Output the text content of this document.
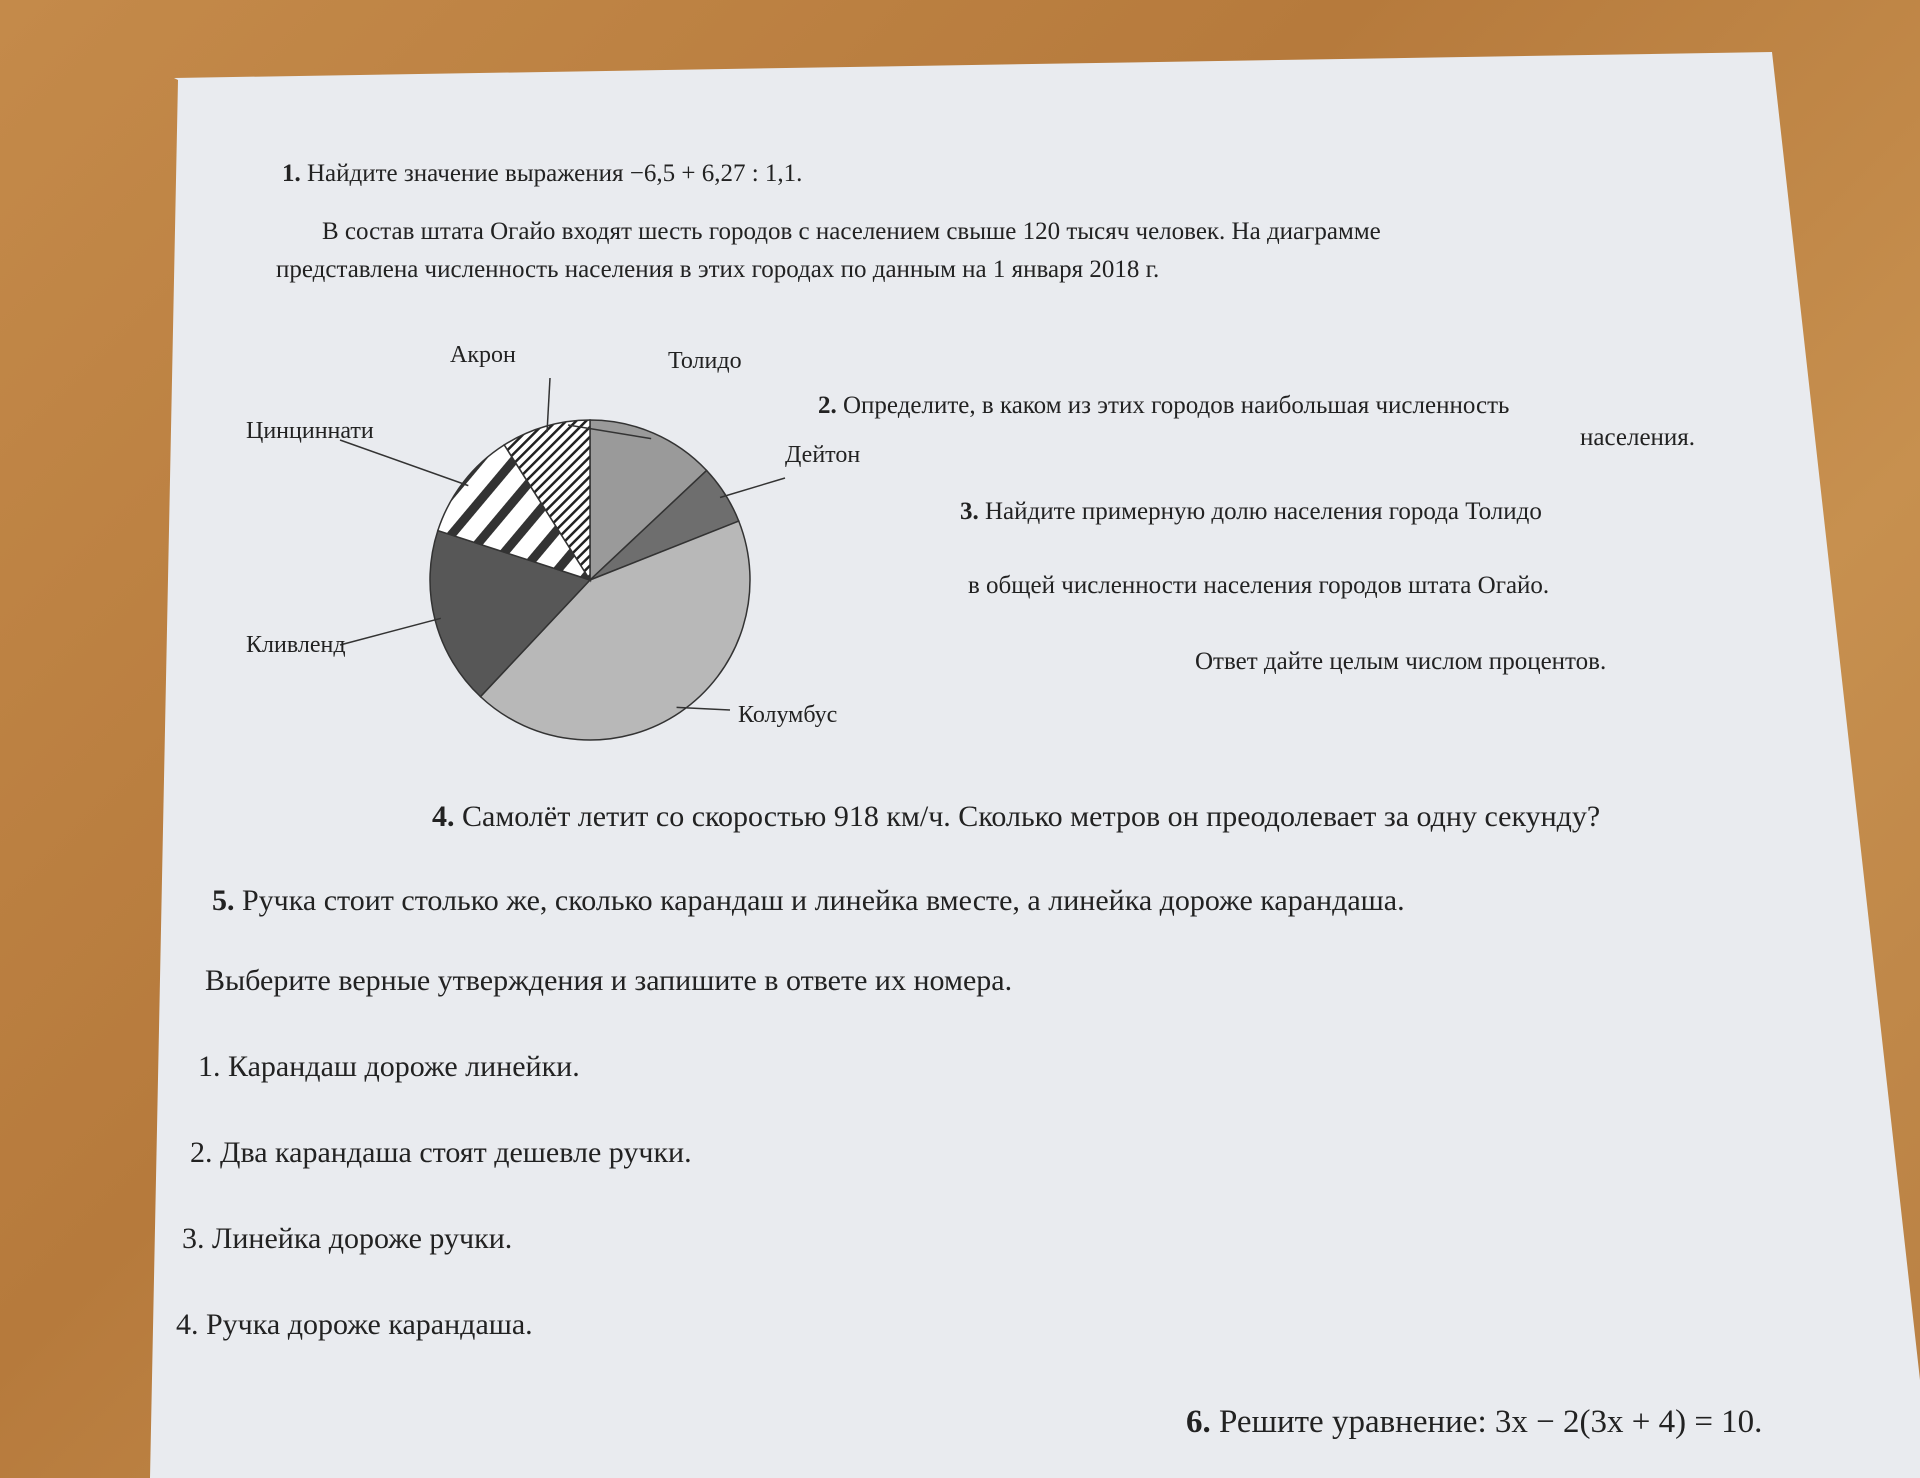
1. Найдите значение выражения −6,5 + 6,27 : 1,1.
В состав штата Огайо входят шесть городов с населением свыше 120 тысяч человек. На диаграмме
представлена численность населения в этих городах по данным на 1 января 2018 г.
Акрон	Толидо
Цинциннати
Дейтон
Кливленд
Колумбус
2. Определите, в каком из этих городов наибольшая численность
населения.
3. Найдите примерную долю населения города Толидо
в общей численности населения городов штата Огайо.
Ответ дайте целым числом процентов.
4. Самолёт летит со скоростью 918 км/ч. Сколько метров он преодолевает за одну секунду?
5. Ручка стоит столько же, сколько карандаш и линейка вместе, а линейка дороже карандаша.
Выберите верные утверждения и запишите в ответе их номера.
1. Карандаш дороже линейки.
2. Два карандаша стоят дешевле ручки.
3. Линейка дороже ручки.
4. Ручка дороже карандаша.
6. Решите уравнение: 3x − 2(3x + 4) = 10.
